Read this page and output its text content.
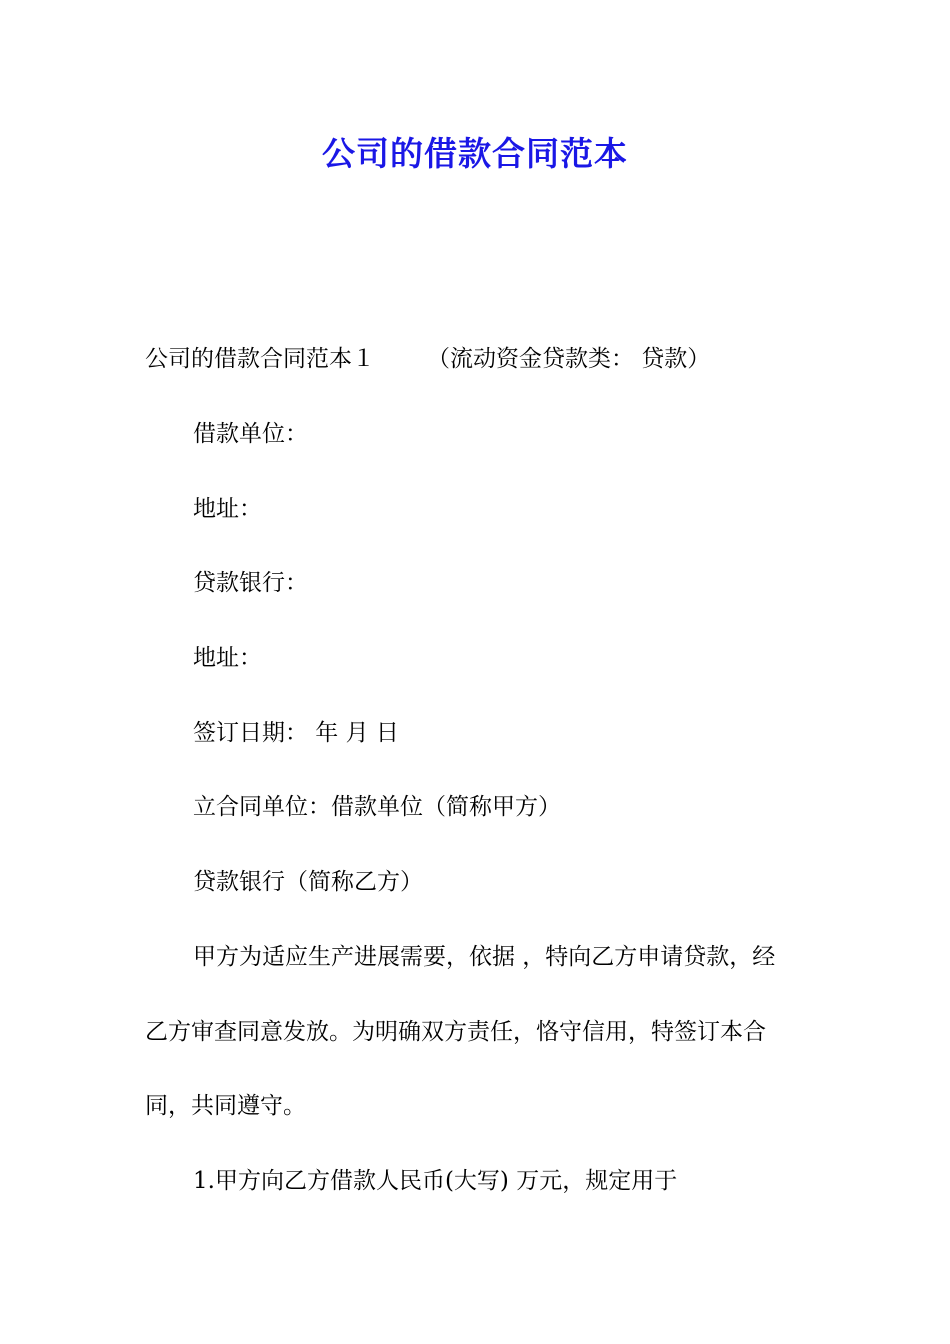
公司的借款合同范本

公司的借款合同范本１ （流动资金贷款类： 贷款）

借款单位：

地址：

贷款银行：

地址：

签订日期： 年 月 日

立合同单位：借款单位（简称甲方）

贷款银行（简称乙方）

甲方为适应生产进展需要，依据 ，特向乙方申请贷款，经

乙方审查同意发放。为明确双方责任，恪守信用，特签订本合

同，共同遵守。

1.甲方向乙方借款人民币(大写) 万元，规定用于
